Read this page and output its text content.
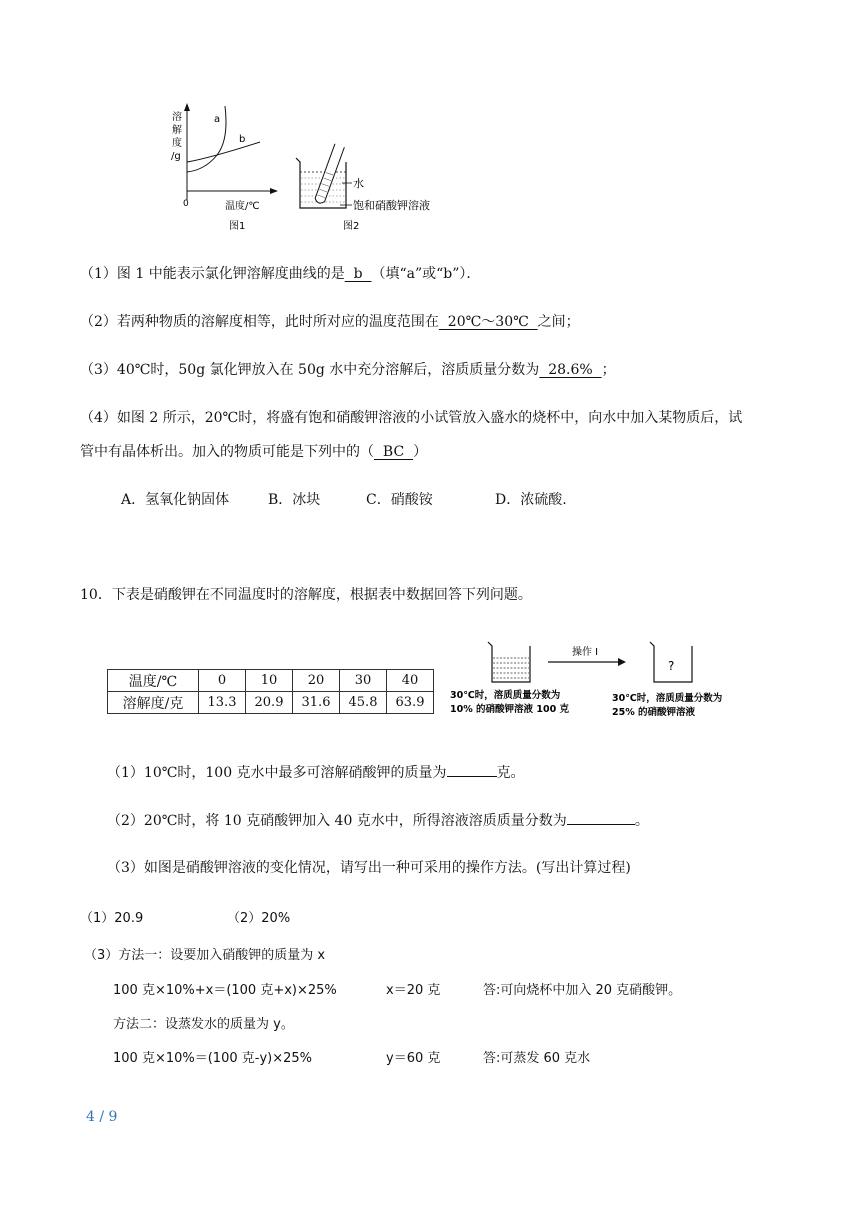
溶
解
度
/g
a
b
0	温度/℃
图1
水
饱和硝酸钾溶液
图2
（1）图 1 中能表示氯化钾溶解度曲线的是  b  （填“a”或“b”）．
（2）若两种物质的溶解度相等，此时所对应的温度范围在  20℃～30℃  之间；
（3）40℃时，50g 氯化钾放入在 50g 水中充分溶解后，溶质质量分数为  28.6%  ；
（4）如图 2 所示，20℃时，将盛有饱和硝酸钾溶液的小试管放入盛水的烧杯中，向水中加入某物质后，试
管中有晶体析出。加入的物质可能是下列中的（  BC  ）
A．氢氧化钠固体	B．冰块	C．硝酸铵	D．浓硫酸.
10．下表是硝酸钾在不同温度时的溶解度，根据表中数据回答下列问题。
温度/℃	0	10	20	30	40
溶解度/克	13.3	20.9	31.6	45.8	63.9
操作 I
?
30℃时，溶质质量分数为
10% 的硝酸钾溶液 100 克
30℃时，溶质质量分数为
25% 的硝酸钾溶液
（1）10℃时，100 克水中最多可溶解硝酸钾的质量为	克。
（2）20℃时，将 10 克硝酸钾加入 40 克水中，所得溶液溶质质量分数为	。
（3）如图是硝酸钾溶液的变化情况，请写出一种可采用的操作方法。(写出计算过程)
（1）20.9	（2）20%
（3）方法一：设要加入硝酸钾的质量为 x
100 克×10%+x＝(100 克+x)×25%	x＝20 克	答:可向烧杯中加入 20 克硝酸钾。
方法二：设蒸发水的质量为 y。
100 克×10%＝(100 克-y)×25%	y＝60 克	答:可蒸发 60 克水
4 / 9
